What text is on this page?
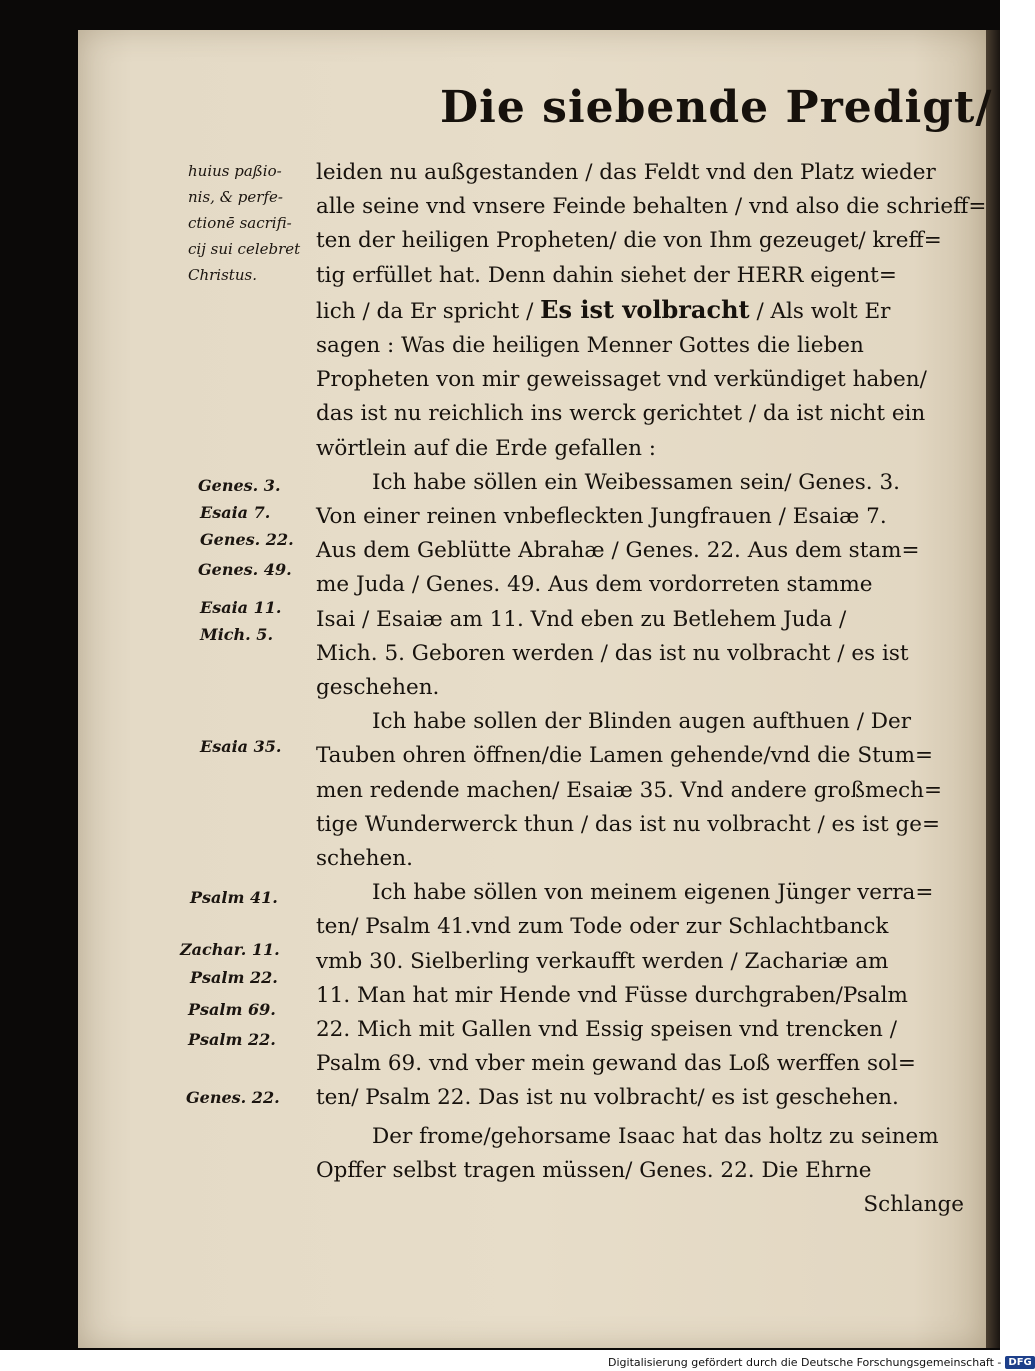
Die siebende Predigt/
huius paßio-
nis, & perfe-
ctionē sacrifi-
cij sui celebret
Christus.
Genes. 3.
Esaia 7.
Genes. 22.
Genes. 49.
Esaia 11.
Mich. 5.
Esaia 35.
Psalm 41.
Zachar. 11.
Psalm 22.
Psalm 69.
Psalm 22.
Genes. 22.
leiden nu außgestanden / das Feldt vnd den Platz wieder
alle seine vnd vnsere Feinde behalten / vnd also die schrieff=
ten der heiligen Propheten/ die von Ihm gezeuget/ kreff=
tig erfüllet hat. Denn dahin siehet der HERR eigent=
lich / da Er spricht / Es ist volbracht / Als wolt Er
sagen : Was die heiligen Menner Gottes die lieben
Propheten von mir geweissaget vnd verkündiget haben/
das ist nu reichlich ins werck gerichtet / da ist nicht ein
wörtlein auf die Erde gefallen :
Ich habe söllen ein Weibessamen sein/ Genes. 3.
Von einer reinen vnbefleckten Jungfrauen / Esaiæ 7.
Aus dem Geblütte Abrahæ / Genes. 22. Aus dem stam=
me Juda / Genes. 49. Aus dem vordorreten stamme
Isai / Esaiæ am 11. Vnd eben zu Betlehem Juda /
Mich. 5. Geboren werden / das ist nu volbracht / es ist
geschehen.
Ich habe sollen der Blinden augen aufthuen / Der
Tauben ohren öffnen/die Lamen gehende/vnd die Stum=
men redende machen/ Esaiæ 35. Vnd andere großmech=
tige Wunderwerck thun / das ist nu volbracht / es ist ge=
schehen.
Ich habe söllen von meinem eigenen Jünger verra=
ten/ Psalm 41.vnd zum Tode oder zur Schlachtbanck
vmb 30. Sielberling verkaufft werden / Zachariæ am
11. Man hat mir Hende vnd Füsse durchgraben/Psalm
22. Mich mit Gallen vnd Essig speisen vnd trencken /
Psalm 69. vnd vber mein gewand das Loß werffen sol=
ten/ Psalm 22. Das ist nu volbracht/ es ist geschehen.
Der frome/gehorsame Isaac hat das holtz zu seinem
Opffer selbst tragen müssen/ Genes. 22. Die Ehrne
Schlange
Digitalisierung gefördert durch die Deutsche Forschungsgemeinschaft - DFG
